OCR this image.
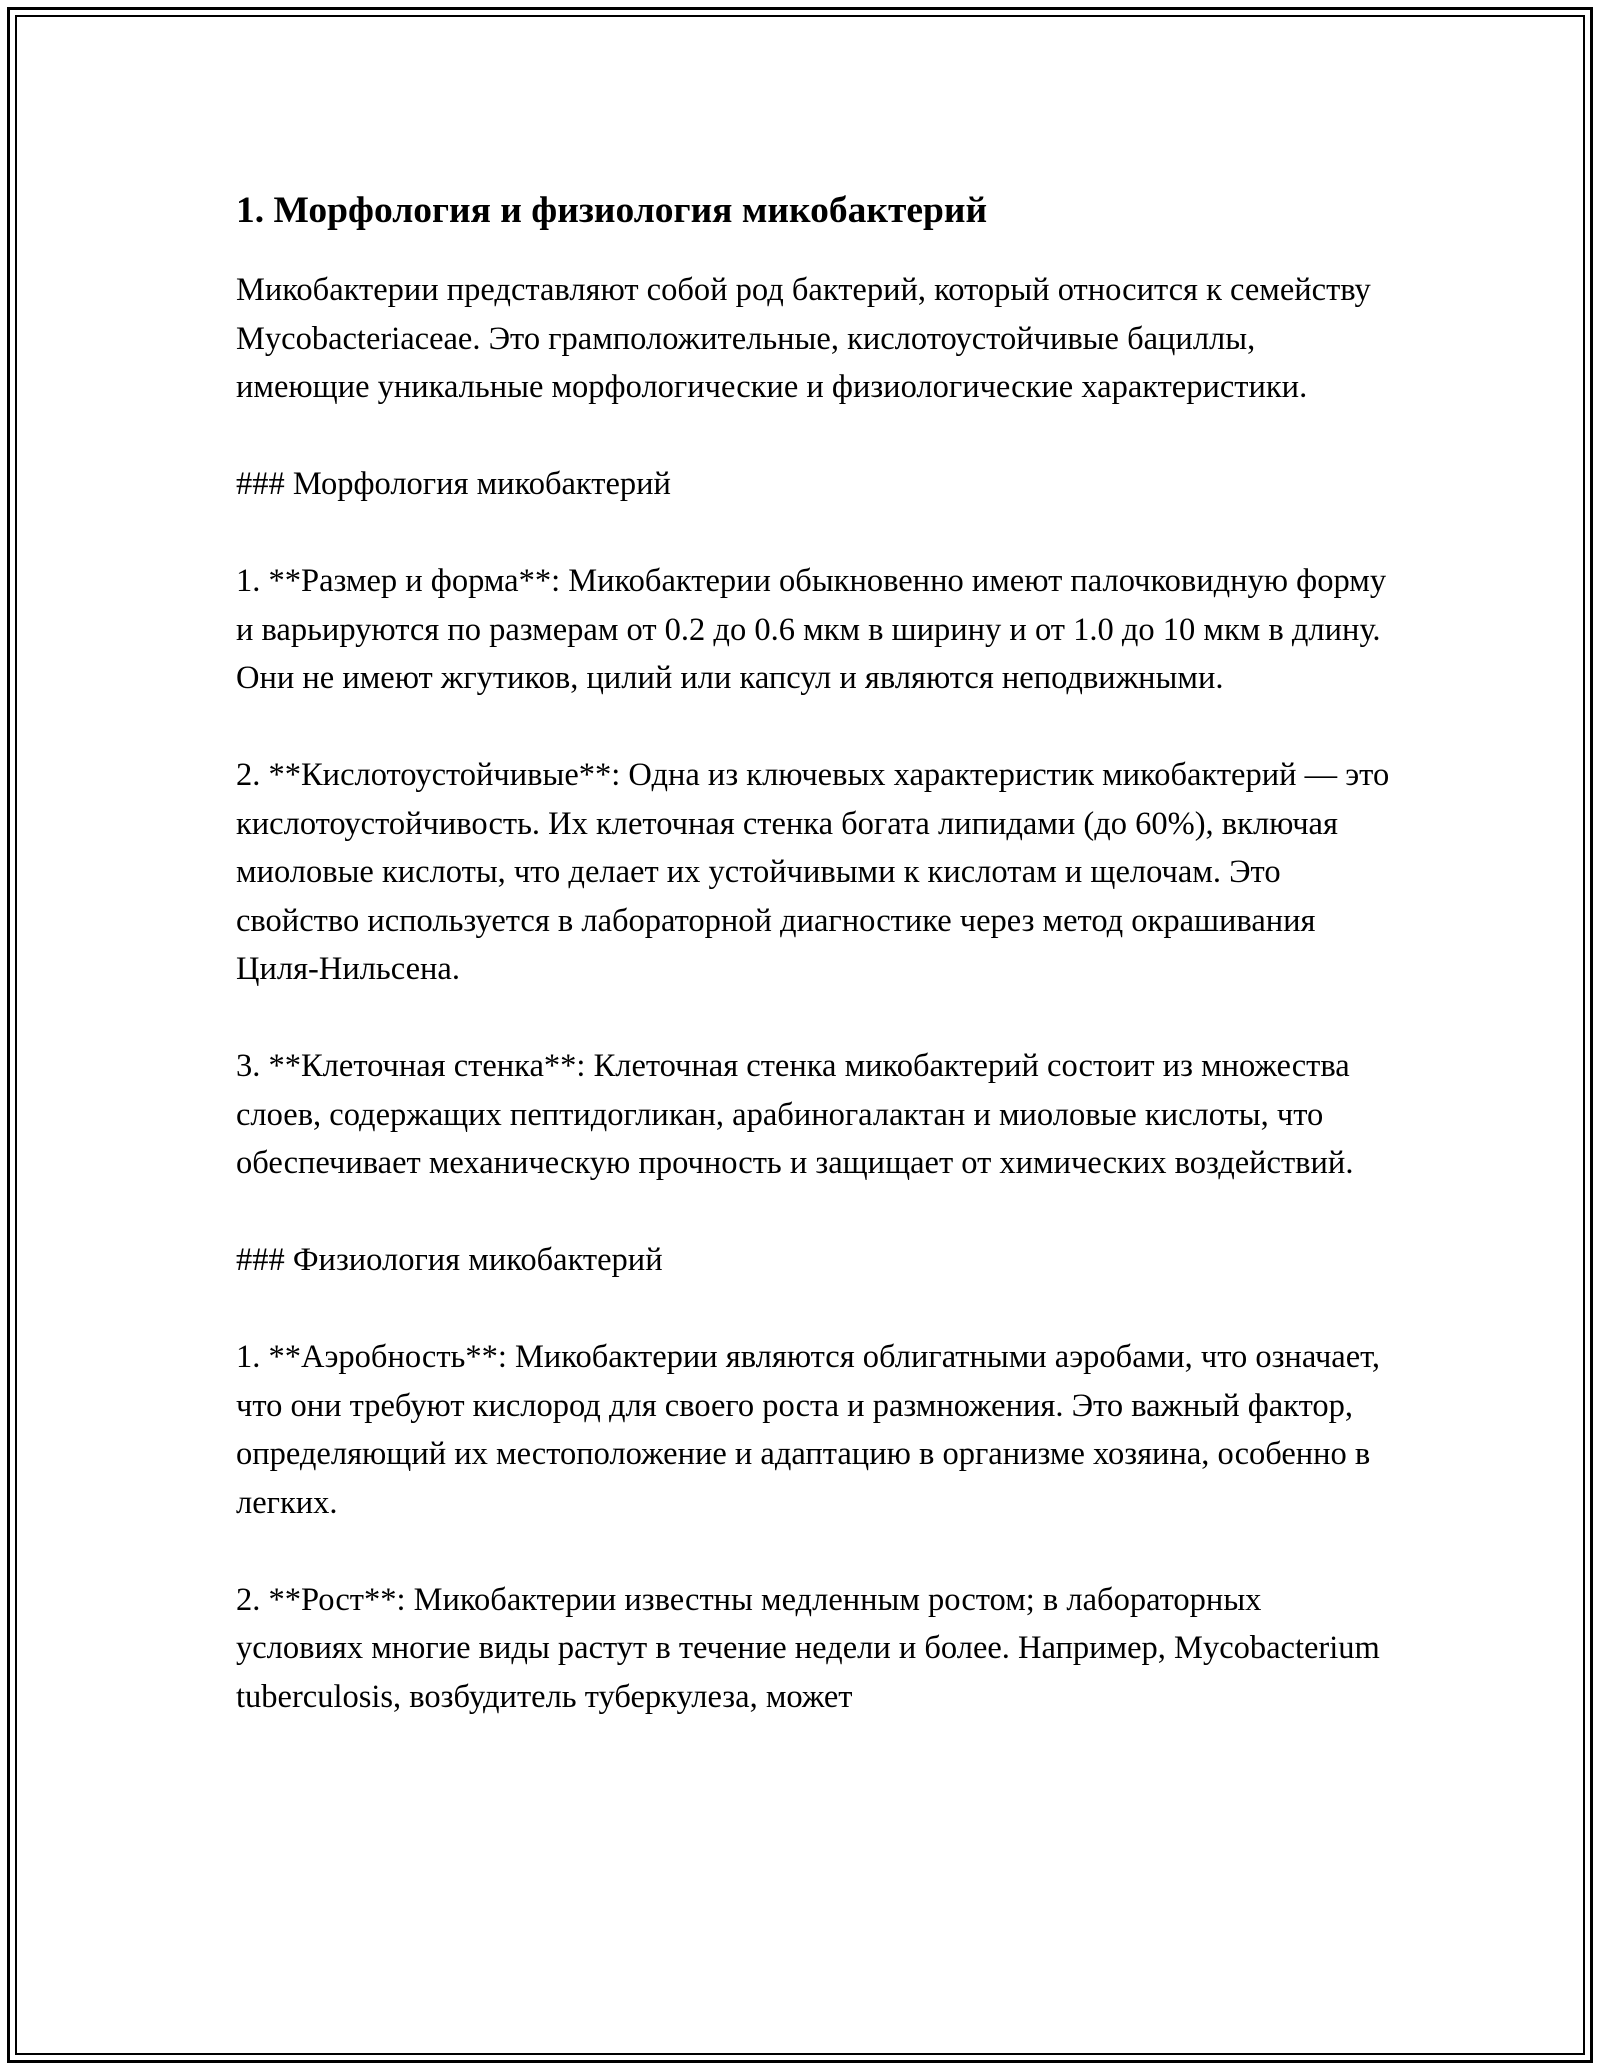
1. Морфология и физиология микобактерий

Микобактерии представляют собой род бактерий, который относится к семейству Mycobacteriaceae. Это грамположительные, кислотоустойчивые бациллы, имеющие уникальные морфологические и физиологические характеристики.

### Морфология микобактерий

1. **Размер и форма**: Микобактерии обыкновенно имеют палочковидную форму и варьируются по размерам от 0.2 до 0.6 мкм в ширину и от 1.0 до 10 мкм в длину. Они не имеют жгутиков, цилий или капсул и являются неподвижными.

2. **Кислотоустойчивые**: Одна из ключевых характеристик микобактерий — это кислотоустойчивость. Их клеточная стенка богата липидами (до 60%), включая миоловые кислоты, что делает их устойчивыми к кислотам и щелочам. Это свойство используется в лабораторной диагностике через метод окрашивания Циля-Нильсена.

3. **Клеточная стенка**: Клеточная стенка микобактерий состоит из множества слоев, содержащих пептидогликан, арабиногалактан и миоловые кислоты, что обеспечивает механическую прочность и защищает от химических воздействий.

### Физиология микобактерий

1. **Аэробность**: Микобактерии являются облигатными аэробами, что означает, что они требуют кислород для своего роста и размножения. Это важный фактор, определяющий их местоположение и адаптацию в организме хозяина, особенно в легких.

2. **Рост**: Микобактерии известны медленным ростом; в лабораторных условиях многие виды растут в течение недели и более. Например, Mycobacterium tuberculosis, возбудитель туберкулеза, может
